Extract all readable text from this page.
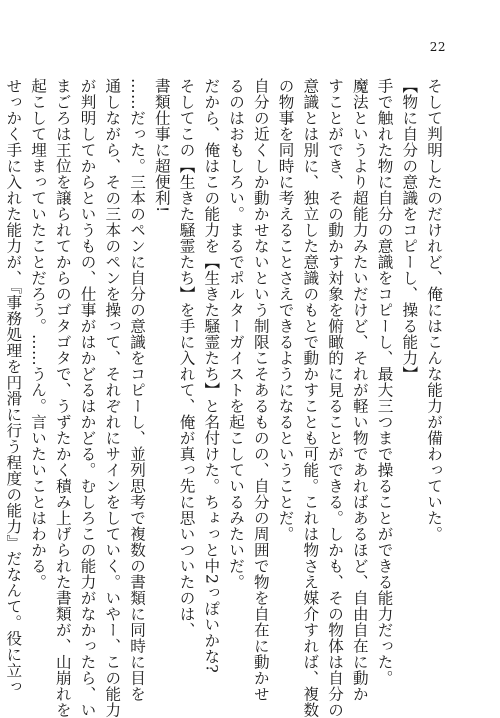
22
そして判明したのだけれど、俺にはこんな能力が備わっていた。
【物に自分の意識をコピーし、操る能力】
手で触れた物に自分の意識をコピーし、最大三つまで操ることができる能力だった。
魔法というより超能力みたいだけど、それが軽い物であればあるほど、自由自在に動か
すことができ、その動かす対象を俯瞰的に見ることができる。しかも、その物体は自分の
意識とは別に、独立した意識のもとで動かすことも可能。これは物さえ媒介すれば、複数
の物事を同時に考えることさえできるようになるということだ。
自分の近くしか動かせないという制限こそあるものの、自分の周囲で物を自在に動かせ
るのはおもしろい。まるでポルターガイストを起こしているみたいだ。
だから、俺はこの能力を【生きた騒霊たち】と名付けた。ちょっと中2っぽいかな?
そしてこの【生きた騒霊たち】を手に入れて、俺が真っ先に思いついたのは、
書類仕事に超便利!
……だった。三本のペンに自分の意識をコピーし、並列思考で複数の書類に同時に目を
通しながら、その三本のペンを操って、それぞれにサインをしていく。いやー、この能力
が判明してからというもの、仕事がはかどるはかどる。むしろこの能力がなかったら、い
まごろは王位を譲られてからのゴタゴタで、うずたかく積み上げられた書類が、山崩れを
起こして埋まっていたことだろう。……うん。言いたいことはわかる。
せっかく手に入れた能力が、『事務処理を円滑に行う程度の能力』だなんて。役に立っ
